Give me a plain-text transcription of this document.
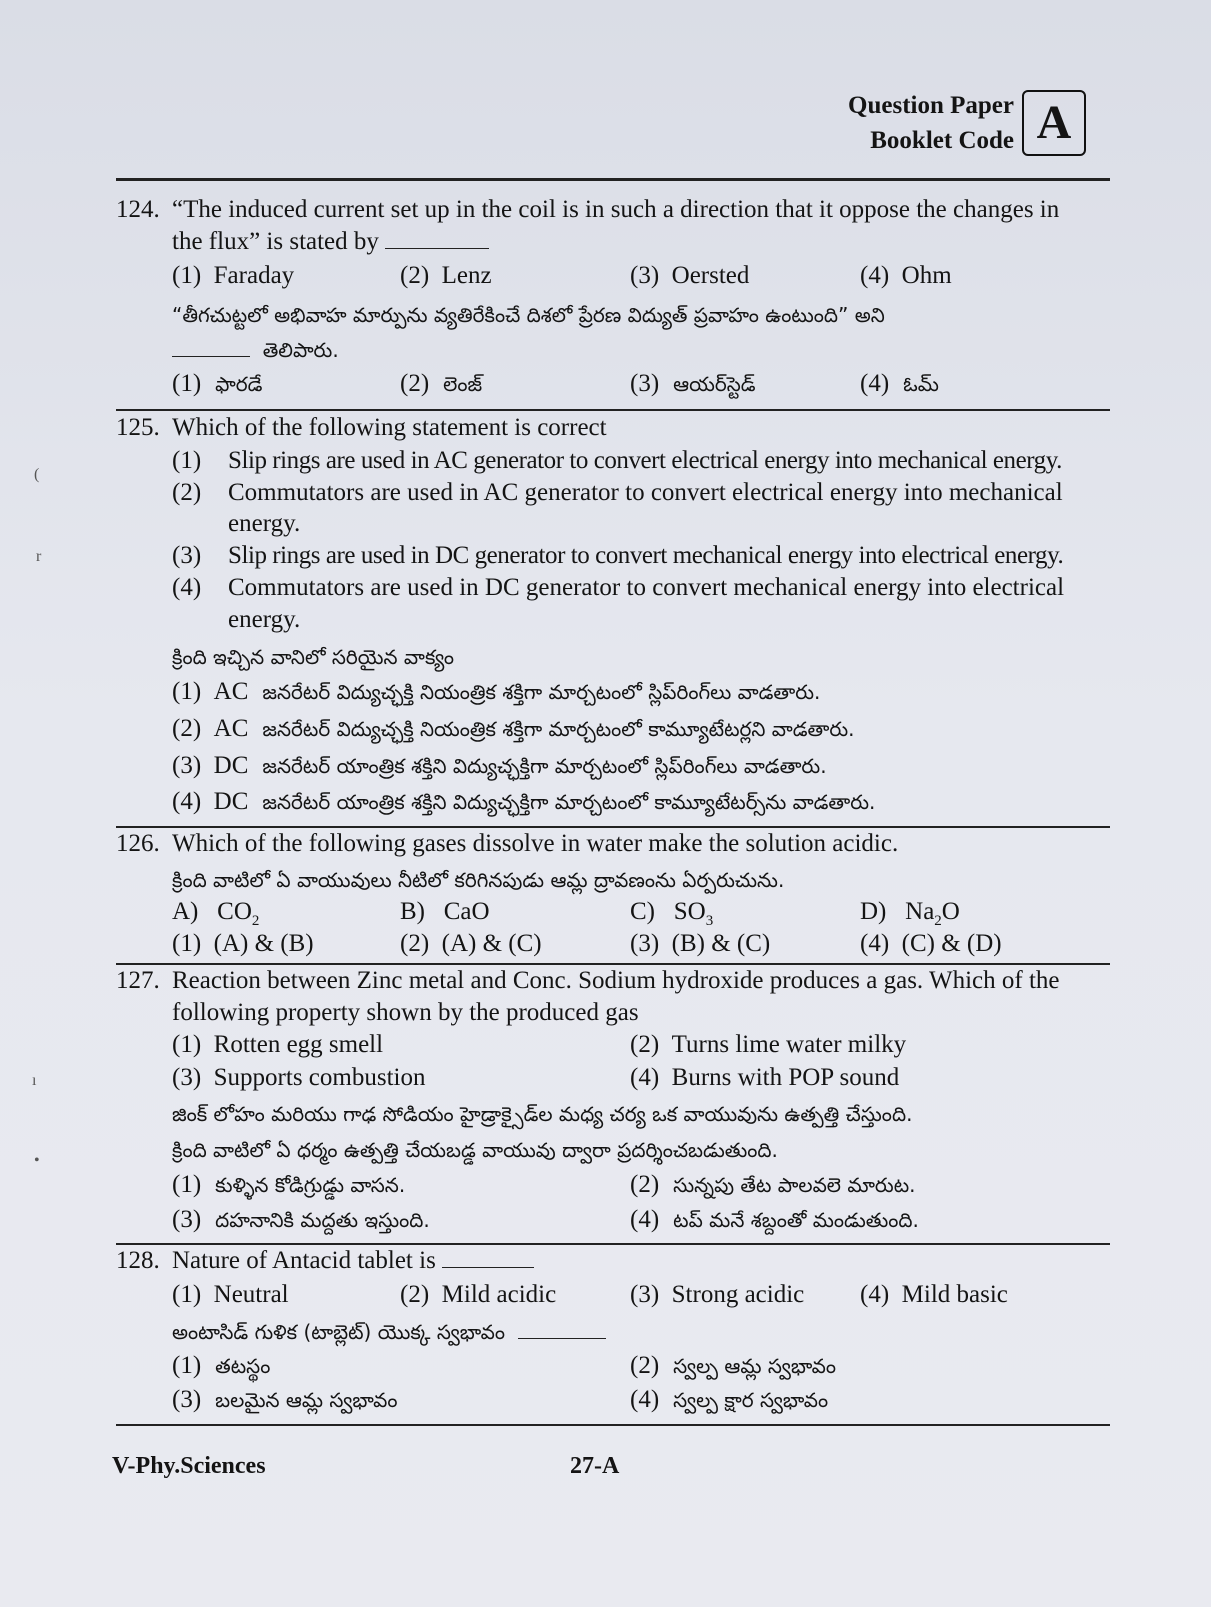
Question Paper
Booklet Code A
(
r
ı
•
124. “The induced current set up in the coil is in such a direction that it oppose the changes in
the flux” is stated by
(1) Faraday	(2) Lenz	(3) Oersted	(4) Ohm
“తీగచుట్టలో అభివాహ మార్పును వ్యతిరేకించే దిశలో ప్రేరణ విద్యుత్ ప్రవాహం ఉంటుంది” అని
తెలిపారు.
(1) ఫారడే	(2) లెంజ్	(3) ఆయర్‌స్టెడ్	(4) ఓమ్
125. Which of the following statement is correct
(1) Slip rings are used in AC generator to convert electrical energy into mechanical energy.
(2) Commutators are used in AC generator to convert electrical energy into mechanical
energy.
(3) Slip rings are used in DC generator to convert mechanical energy into electrical energy.
(4) Commutators are used in DC generator to convert mechanical energy into electrical
energy.
క్రింది ఇచ్చిన వానిలో సరియైన వాక్యం
(1) AC జనరేటర్ విద్యుచ్ఛక్తి నియంత్రిక శక్తిగా మార్చటంలో స్లిప్‌రింగ్‌లు వాడతారు.
(2) AC జనరేటర్ విద్యుచ్ఛక్తి నియంత్రిక శక్తిగా మార్చటంలో కామ్యూటేటర్లని వాడతారు.
(3) DC జనరేటర్ యాంత్రిక శక్తిని విద్యుచ్ఛక్తిగా మార్చటంలో స్లిప్‌రింగ్‌లు వాడతారు.
(4) DC జనరేటర్ యాంత్రిక శక్తిని విద్యుచ్ఛక్తిగా మార్చటంలో కామ్యూటేటర్స్‌ను వాడతారు.
126. Which of the following gases dissolve in water make the solution acidic.
క్రింది వాటిలో ఏ వాయువులు నీటిలో కరిగినపుడు ఆమ్ల ద్రావణంను ఏర్పరుచును.
A) $CO_2$	B) CaO	C) $SO_3$	D) $Na_2O$
(1) (A) & (B)	(2) (A) & (C)	(3) (B) & (C)	(4) (C) & (D)
127. Reaction between Zinc metal and Conc. Sodium hydroxide produces a gas. Which of the
following property shown by the produced gas
(1) Rotten egg smell	(2) Turns lime water milky
(3) Supports combustion	(4) Burns with POP sound
జింక్ లోహం మరియు గాఢ సోడియం హైడ్రాక్సైడ్‌ల మధ్య చర్య ఒక వాయువును ఉత్పత్తి చేస్తుంది.
క్రింది వాటిలో ఏ ధర్మం ఉత్పత్తి చేయబడ్డ వాయువు ద్వారా ప్రదర్శించబడుతుంది.
(1) కుళ్ళిన కోడిగ్రుడ్డు వాసన.	(2) సున్నపు తేట పాలవలె మారుట.
(3) దహనానికి మద్దతు ఇస్తుంది.	(4) టప్ మనే శబ్దంతో మండుతుంది.
128. Nature of Antacid tablet is
(1) Neutral	(2) Mild acidic	(3) Strong acidic (4) Mild basic
అంటాసిడ్ గుళిక (టాబ్లెట్) యొక్క స్వభావం
(1) తటస్థం	(2) స్వల్ప ఆమ్ల స్వభావం
(3) బలమైన ఆమ్ల స్వభావం	(4) స్వల్ప క్షార స్వభావం
V-Phy.Sciences	27-A
